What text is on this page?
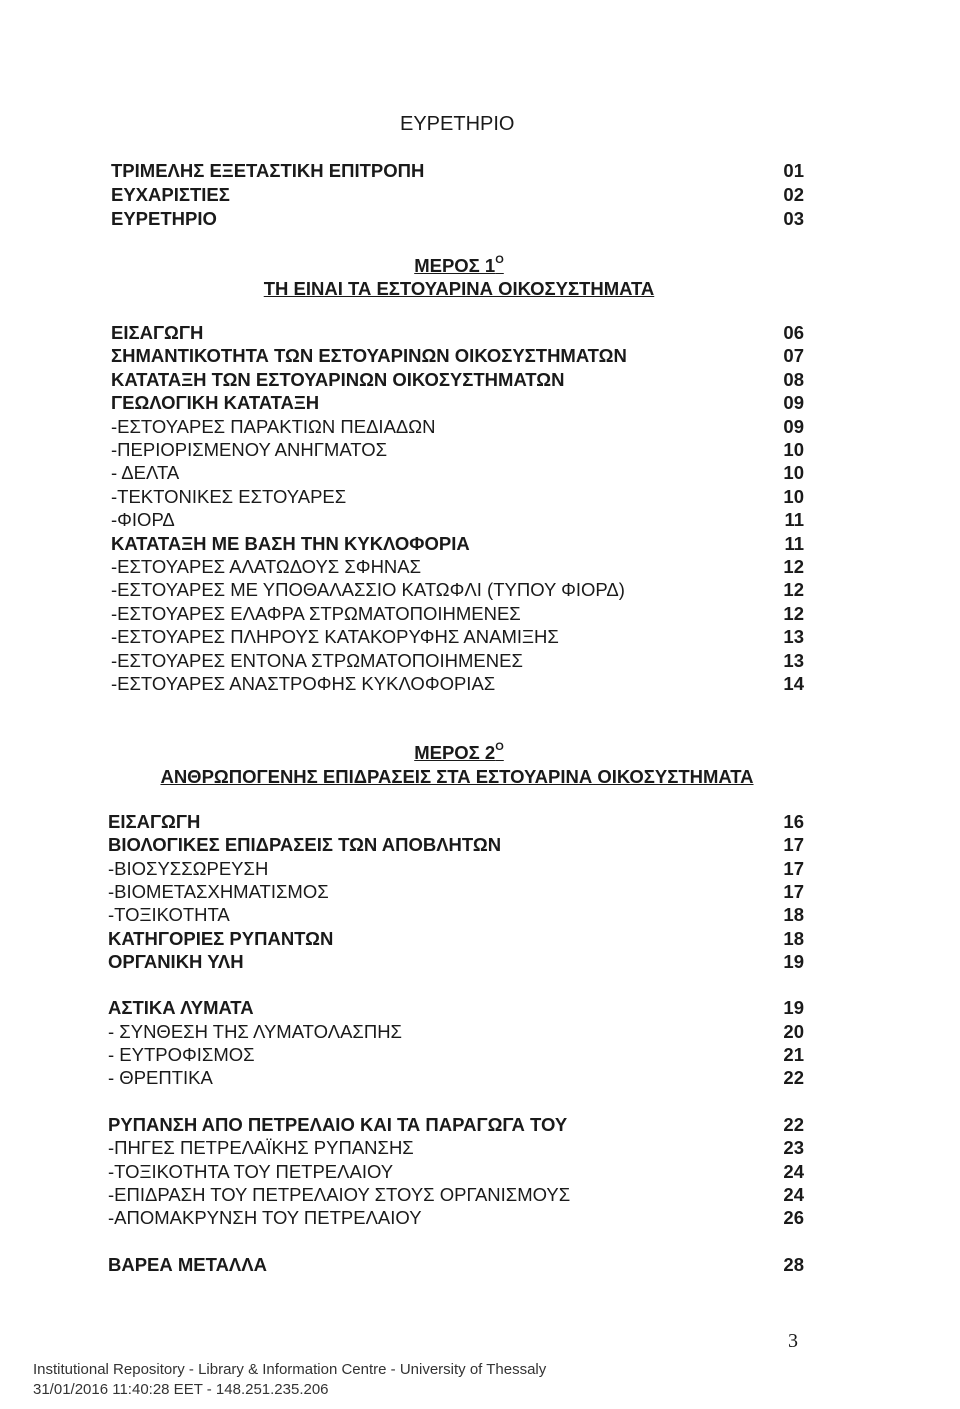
ΕΥΡΕΤΗΡΙΟ
ΤΡΙΜΕΛΗΣ ΕΞΕΤΑΣΤΙΚΗ ΕΠΙΤΡΟΠΗ	01
ΕΥΧΑΡΙΣΤΙΕΣ	02
ΕΥΡΕΤΗΡΙΟ	03
ΜΕΡΟΣ $1^O$
ΤΗ ΕΙΝΑΙ ΤΑ ΕΣΤΟΥΑΡΙΝΑ ΟΙΚΟΣΥΣΤΗΜΑΤΑ
ΕΙΣΑΓΩΓΗ	06
ΣΗΜΑΝΤΙΚΟΤΗΤΑ ΤΩΝ ΕΣΤΟΥΑΡΙΝΩΝ ΟΙΚΟΣΥΣΤΗΜΑΤΩΝ	07
ΚΑΤΑΤΑΞΗ ΤΩΝ ΕΣΤΟΥΑΡΙΝΩΝ ΟΙΚΟΣΥΣΤΗΜΑΤΩΝ	08
ΓΕΩΛΟΓΙΚΗ ΚΑΤΑΤΑΞΗ	09
-ΕΣΤΟΥΑΡΕΣ ΠΑΡΑΚΤΙΩΝ ΠΕΔΙΑΔΩΝ	09
-ΠΕΡΙΟΡΙΣΜΕΝΟΥ ΑΝΗΓΜΑΤΟΣ	10
- ΔΕΛΤΑ	10
-ΤΕΚΤΟΝΙΚΕΣ ΕΣΤΟΥΑΡΕΣ	10
-ΦΙΟΡΔ	11
ΚΑΤΑΤΑΞΗ ΜΕ ΒΑΣΗ ΤΗΝ ΚΥΚΛΟΦΟΡΙΑ	11
-ΕΣΤΟΥΑΡΕΣ ΑΛΑΤΩΔΟΥΣ ΣΦΗΝΑΣ	12
-ΕΣΤΟΥΑΡΕΣ ΜΕ ΥΠΟΘΑΛΑΣΣΙΟ ΚΑΤΩΦΛΙ (ΤΥΠΟΥ ΦΙΟΡΔ)	12
-ΕΣΤΟΥΑΡΕΣ ΕΛΑΦΡΑ ΣΤΡΩΜΑΤΟΠΟΙΗΜΕΝΕΣ	12
-ΕΣΤΟΥΑΡΕΣ ΠΛΗΡΟΥΣ ΚΑΤΑΚΟΡΥΦΗΣ ΑΝΑΜΙΞΗΣ	13
-ΕΣΤΟΥΑΡΕΣ ΕΝΤΟΝΑ ΣΤΡΩΜΑΤΟΠΟΙΗΜΕΝΕΣ	13
-ΕΣΤΟΥΑΡΕΣ ΑΝΑΣΤΡΟΦΗΣ ΚΥΚΛΟΦΟΡΙΑΣ	14
ΜΕΡΟΣ $2^O$
ΑΝΘΡΩΠΟΓΕΝΗΣ ΕΠΙΔΡΑΣΕΙΣ ΣΤΑ ΕΣΤΟΥΑΡΙΝΑ ΟΙΚΟΣΥΣΤΗΜΑΤΑ
ΕΙΣΑΓΩΓΗ	16
ΒΙΟΛΟΓΙΚΕΣ ΕΠΙΔΡΑΣΕΙΣ ΤΩΝ ΑΠΟΒΛΗΤΩΝ	17
-ΒΙΟΣΥΣΣΩΡΕΥΣΗ	17
-ΒΙΟΜΕΤΑΣΧΗΜΑΤΙΣΜΟΣ	17
-ΤΟΞΙΚΟΤΗΤΑ	18
ΚΑΤΗΓΟΡΙΕΣ ΡΥΠΑΝΤΩΝ	18
ΟΡΓΑΝΙΚΗ ΥΛΗ	19
ΑΣΤΙΚΑ ΛΥΜΑΤΑ	19
- ΣΥΝΘΕΣΗ ΤΗΣ ΛΥΜΑΤΟΛΑΣΠΗΣ	20
- ΕΥΤΡΟΦΙΣΜΟΣ	21
- ΘΡΕΠΤΙΚΑ	22
ΡΥΠΑΝΣΗ ΑΠΟ ΠΕΤΡΕΛΑΙΟ ΚΑΙ ΤΑ ΠΑΡΑΓΩΓΑ ΤΟΥ	22
-ΠΗΓΕΣ ΠΕΤΡΕΛΑΪΚΗΣ ΡΥΠΑΝΣΗΣ	23
-ΤΟΞΙΚΟΤΗΤΑ ΤΟΥ ΠΕΤΡΕΛΑΙΟΥ	24
-ΕΠΙΔΡΑΣΗ ΤΟΥ ΠΕΤΡΕΛΑΙΟΥ ΣΤΟΥΣ ΟΡΓΑΝΙΣΜΟΥΣ	24
-ΑΠΟΜΑΚΡΥΝΣΗ ΤΟΥ ΠΕΤΡΕΛΑΙΟΥ	26
ΒΑΡΕΑ ΜΕΤΑΛΛΑ	28
3
Institutional Repository - Library & Information Centre - University of Thessaly
31/01/2016 11:40:28 EET - 148.251.235.206
